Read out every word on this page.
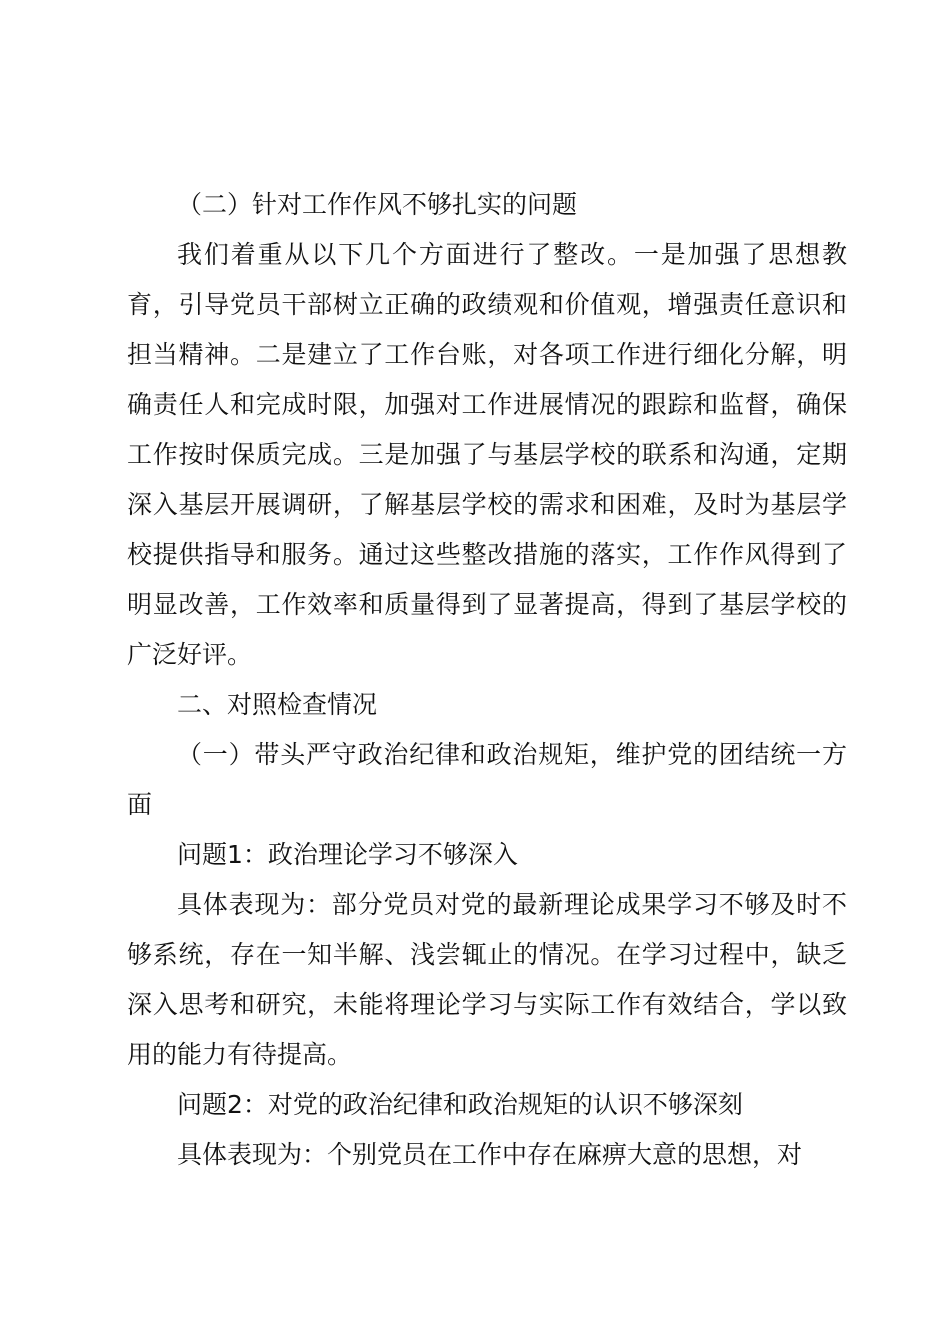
（二）针对工作作风不够扎实的问题

我们着重从以下几个方面进行了整改。一是加强了思想教育，引导党员干部树立正确的政绩观和价值观，增强责任意识和担当精神。二是建立了工作台账，对各项工作进行细化分解，明确责任人和完成时限，加强对工作进展情况的跟踪和监督，确保工作按时保质完成。三是加强了与基层学校的联系和沟通，定期深入基层开展调研，了解基层学校的需求和困难，及时为基层学校提供指导和服务。通过这些整改措施的落实，工作作风得到了明显改善，工作效率和质量得到了显著提高，得到了基层学校的广泛好评。

二、对照检查情况

（一）带头严守政治纪律和政治规矩，维护党的团结统一方面

问题1：政治理论学习不够深入

具体表现为：部分党员对党的最新理论成果学习不够及时不够系统，存在一知半解、浅尝辄止的情况。在学习过程中，缺乏深入思考和研究，未能将理论学习与实际工作有效结合，学以致用的能力有待提高。

问题2：对党的政治纪律和政治规矩的认识不够深刻

具体表现为：个别党员在工作中存在麻痹大意的思想，对
